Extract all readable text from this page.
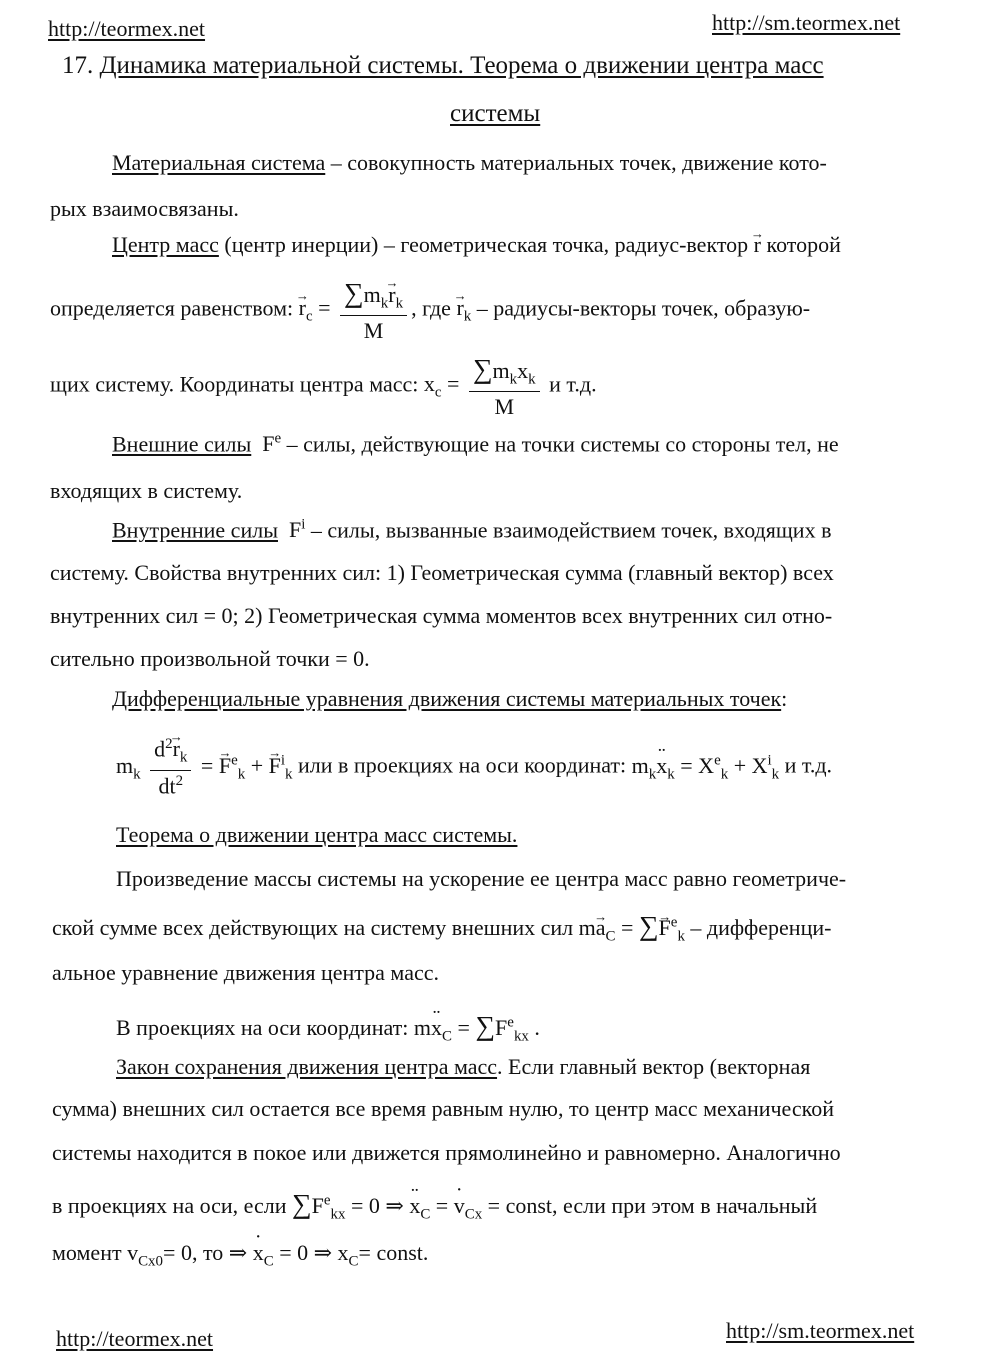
http://teormex.net	http://sm.teormex.net
17. Динамика материальной системы. Теорема о движении центра масс
системы
Материальная система – совокупность материальных точек, движение кото-
рых взаимосвязаны.
Центр масс (центр инерции) – геометрическая точка, радиус-вектор → r которой
определяется равенством: → $r_c = \frac{\sum m_k\to r_k}{M}$ , где → $r_k$ – радиусы-векторы точек, образую-
щих систему. Координаты центра масс: $x_c = \frac{\sum m_kx_k}{M}$ и т.д.
Внешние силы  $F^e$ – силы, действующие на точки системы со стороны тел, не
входящих в систему.
Внутренние силы  $F^i$ – силы, вызванные взаимодействием точек, входящих в
систему. Свойства внутренних сил: 1) Геометрическая сумма (главный вектор) всех
внутренних сил = 0; 2) Геометрическая сумма моментов всех внутренних сил отно-
сительно произвольной точки = 0.
Дифференциальные уравнения движения системы материальных точек:
$m_k \frac{d^2\to r_k}{dt^2}$ = → $F^e_k$ + → $F^i_k$ или в проекциях на оси координат: $m_k¨$ $x_k = X^e_k + X^i_k$ и т.д.
Теорема о движении центра масс системы.
Произведение массы системы на ускорение ее центра масс равно геометриче-
ской сумме всех действующих на систему внешних сил $m\to a_C$ = ∑→ $F^e_k$ – дифференци-
альное уравнение движения центра масс.
В проекциях на оси координат: m¨ $x_C = \sum F^e_{kx}$ .
Закон сохранения движения центра масс. Если главный вектор (векторная
сумма) внешних сил остается все время равным нулю, то центр масс механической
системы находится в покое или движется прямолинейно и равномерно. Аналогично
в проекциях на оси, если $\sum F^e_{kx} = 0$ ⇒ ¨ $x_C$ = ˙ $v_{Cx}$ = const, если при этом в начальный
момент $v_{Cx0}= 0$, то ⇒ ˙ $x_C = 0$ ⇒ $x_C=$ const.
http://teormex.net	http://sm.teormex.net
